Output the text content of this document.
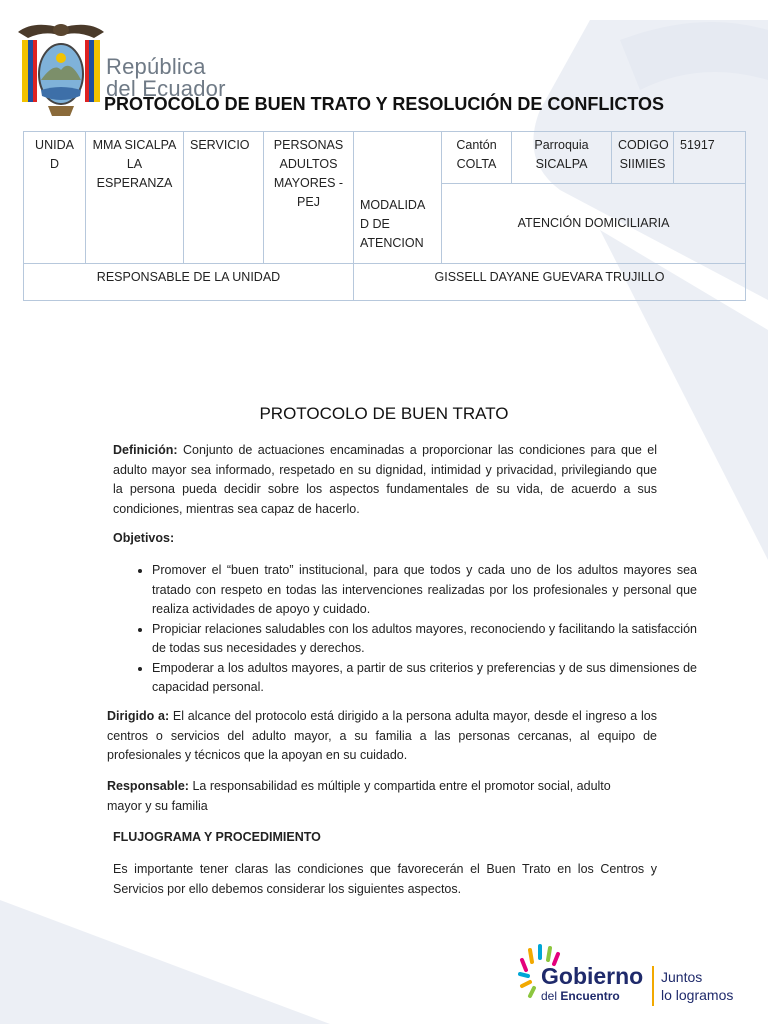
República
del Ecuador
PROTOCOLO DE BUEN TRATO Y RESOLUCIÓN DE CONFLICTOS
UNIDA D	MMA SICALPA LA ESPERANZA	SERVICIO	PERSONAS ADULTOS MAYORES - PEJ	MODALIDA D DE ATENCION	Cantón COLTA	Parroquia SICALPA	CODIGO SIIMIES	51917
					ATENCIÓN DOMICILIARIA			
RESPONSABLE DE LA UNIDAD				GISSELL DAYANE GUEVARA TRUJILLO				
PROTOCOLO DE BUEN TRATO
Definición: Conjunto de actuaciones encaminadas a proporcionar las condiciones para que el adulto mayor sea informado, respetado en su dignidad, intimidad y privacidad, privilegiando que la persona pueda decidir sobre los aspectos fundamentales de su vida, de acuerdo a sus condiciones, mientras sea capaz de hacerlo.
Objetivos:
• Promover el “buen trato” institucional, para que todos y cada uno de los adultos mayores sea tratado con respeto en todas las intervenciones realizadas por los profesionales y personal que realiza actividades de apoyo y cuidado.
• Propiciar relaciones saludables con los adultos mayores, reconociendo y facilitando la satisfacción de todas sus necesidades y derechos.
• Empoderar a los adultos mayores, a partir de sus criterios y preferencias y de sus dimensiones de capacidad personal.
Dirigido a: El alcance del protocolo está dirigido a la persona adulta mayor, desde el ingreso a los centros o servicios del adulto mayor, a su familia a las personas cercanas, al equipo de profesionales y técnicos que la apoyan en su cuidado.
Responsable: La responsabilidad es múltiple y compartida entre el promotor social, adulto mayor y su familia
FLUJOGRAMA Y PROCEDIMIENTO
Es importante tener claras las condiciones que favorecerán el Buen Trato en los Centros y Servicios por ello debemos considerar los siguientes aspectos.
Gobierno
del Encuentro
Juntos
lo logramos
